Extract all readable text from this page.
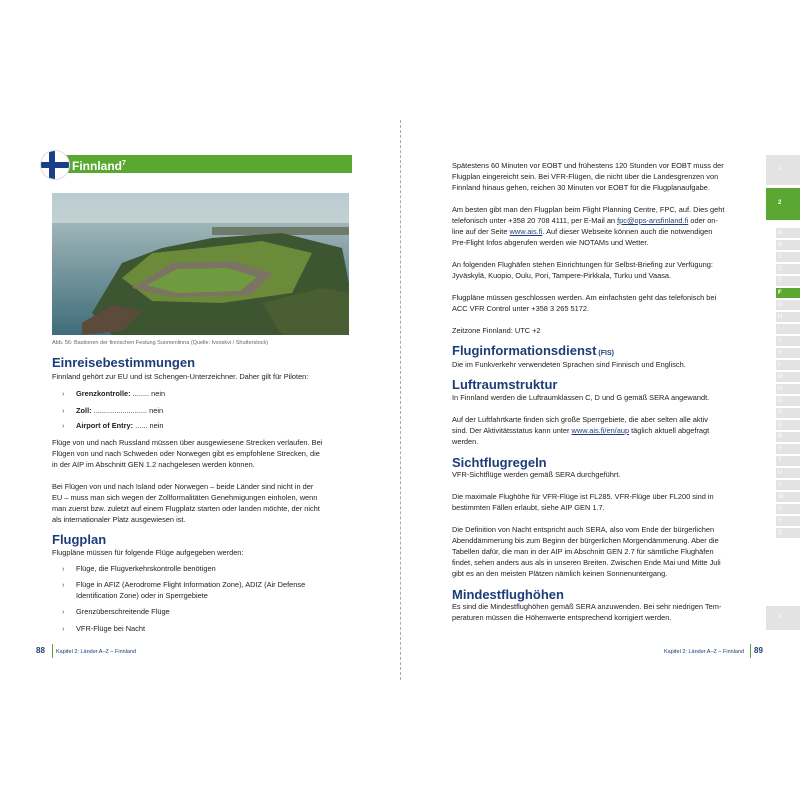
Finnland$^7$
Abb. 56: Bastionen der finnischen Festung Suomenlinna (Quelle: Ivsoskvi / Shutterstock)
Einreisebestimmungen
Finnland gehört zur EU und ist Schengen-Unterzeichner. Daher gilt für Piloten:
› Grenzkontrolle: ........ nein
› Zoll: .......................... nein
› Airport of Entry: ...... nein
Flüge von und nach Russland müssen über ausgewiesene Strecken verlaufen. Bei
Flügen von und nach Schweden oder Norwegen gibt es empfohlene Strecken, die
in der AIP im Abschnitt GEN 1.2 nachgelesen werden können.
Bei Flügen von und nach Island oder Norwegen – beide Länder sind nicht in der
EU – muss man sich wegen der Zollformalitäten Genehmigungen einholen, wenn
man zuerst bzw. zuletzt auf einem Flugplatz starten oder landen möchte, der nicht
als internationaler Platz ausgewiesen ist.
Flugplan
Flugpläne müssen für folgende Flüge aufgegeben werden:
› Flüge, die Flugverkehrskontrolle benötigen
› Flüge in AFIZ (Aerodrome Flight Information Zone), ADIZ (Air Defense
Identification Zone) oder in Sperrgebiete
› Grenzüberschreitende Flüge
› VFR-Flüge bei Nacht
88 Kapitel 2: Länder A–Z – Finnland
Spätestens 60 Minuten vor EOBT und frühestens 120 Stunden vor EOBT muss der
Flugplan eingereicht sein. Bei VFR-Flügen, die nicht über die Landesgrenzen von
Finnland hinaus gehen, reichen 30 Minuten vor EOBT für die Flugplanaufgabe.
Am besten gibt man den Flugplan beim Flight Planning Centre, FPC, auf. Dies geht
telefonisch unter +358 20 708 4111, per E-Mail an fpc@ops-ansfinland.fi oder on-
line auf der Seite www.ais.fi. Auf dieser Webseite können auch die notwendigen
Pre-Flight Infos abgerufen werden wie NOTAMs und Wetter.
An folgenden Flughäfen stehen Einrichtungen für Selbst-Briefing zur Verfügung:
Jyväskylä, Kuopio, Oulu, Pori, Tampere-Pirkkala, Turku und Vaasa.
Flugpläne müssen geschlossen werden. Am einfachsten geht das telefonisch bei
ACC VFR Control unter +358 3 265 5172.
Zeitzone Finnland: UTC +2
Fluginformationsdienst (FIS)
Die im Funkverkehr verwendeten Sprachen sind Finnisch und Englisch.
Luftraumstruktur
In Finnland werden die Luftraumklassen C, D und G gemäß SERA angewandt.
Auf der Luftfahrtkarte finden sich große Sperrgebiete, die aber selten alle aktiv
sind. Der Aktivitätsstatus kann unter www.ais.fi/en/aup täglich aktuell abgefragt
werden.
Sichtflugregeln
VFR-Sichtflüge werden gemäß SERA durchgeführt.
Die maximale Flughöhe für VFR-Flüge ist FL285. VFR-Flüge über FL200 sind in
bestimmten Fällen erlaubt, siehe AIP GEN 1.7.
Die Definition von Nacht entspricht auch SERA, also vom Ende der bürgerlichen
Abenddämmerung bis zum Beginn der bürgerlichen Morgendämmerung. Aber die
Tabellen dafür, die man in der AIP im Abschnitt GEN 2.7 für sämtliche Flughäfen
findet, sehen anders aus als in unseren Breiten. Zwischen Ende Mai und Mitte Juli
gibt es an den meisten Plätzen nämlich keinen Sonnenuntergang.
Mindestflughöhen
Es sind die Mindestflughöhen gemäß SERA anzuwenden. Bei sehr niedrigen Tem-
peraturen müssen die Höhenwerte entsprechend korrigiert werden.
Kapitel 2: Länder A–Z – Finnland 89
1
2
A
B
C
D
E
F
G
H
I
J
K
L
M
N
O
P
Q
R
S
T
U
V
W
X
Y
Z
3
